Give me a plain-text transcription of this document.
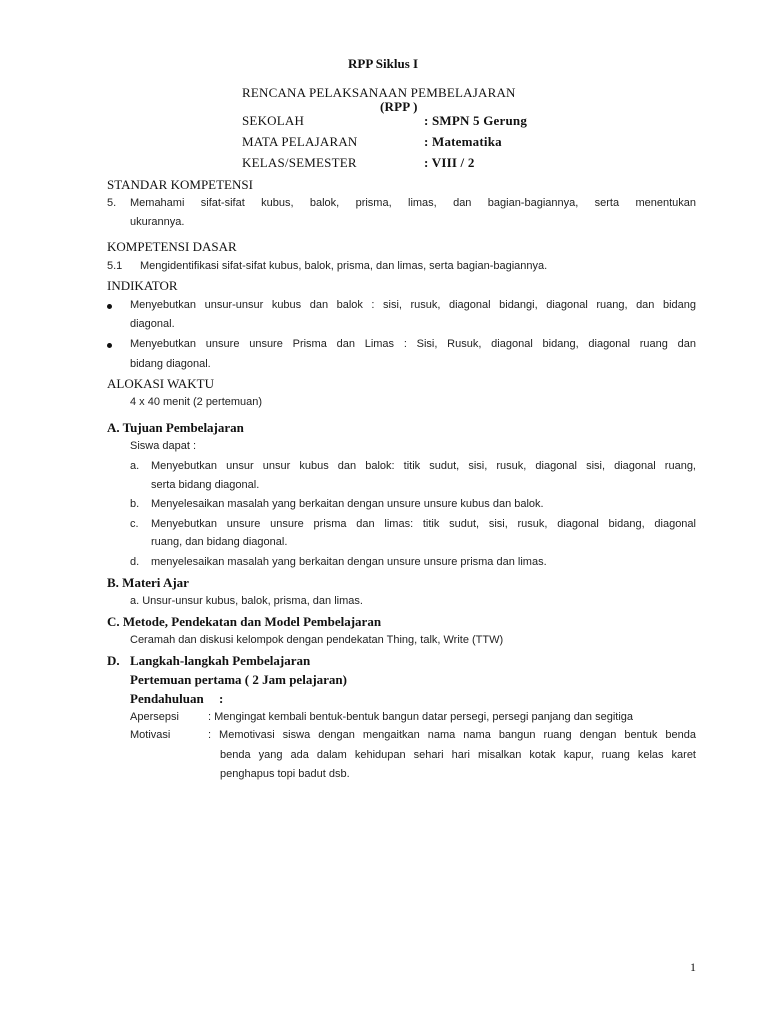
RPP Siklus I
RENCANA PELAKSANAAN PEMBELAJARAN
(RPP )
SEKOLAH	: SMPN 5 Gerung
MATA PELAJARAN	: Matematika
KELAS/SEMESTER	: VIII / 2
STANDAR KOMPETENSI
5. Memahami sifat-sifat kubus, balok, prisma, limas, dan bagian-bagiannya, serta menentukan
ukurannya.
KOMPETENSI DASAR
5.1 Mengidentifikasi sifat-sifat kubus, balok, prisma, dan limas, serta bagian-bagiannya.
INDIKATOR
Menyebutkan unsur-unsur kubus dan balok : sisi, rusuk, diagonal bidangi, diagonal ruang, dan bidang
diagonal.
Menyebutkan unsure unsure Prisma dan Limas : Sisi, Rusuk, diagonal bidang, diagonal ruang dan
bidang diagonal.
ALOKASI WAKTU
4 x 40 menit (2 pertemuan)
A. Tujuan Pembelajaran
Siswa dapat :
a. Menyebutkan unsur unsur kubus dan balok: titik sudut, sisi, rusuk, diagonal sisi, diagonal ruang,
serta bidang diagonal.
b. Menyelesaikan masalah yang berkaitan dengan unsure unsure kubus dan balok.
c. Menyebutkan unsure unsure prisma dan limas: titik sudut, sisi, rusuk, diagonal bidang, diagonal
ruang, dan bidang diagonal.
d. menyelesaikan masalah yang berkaitan dengan unsure unsure prisma dan limas.
B. Materi Ajar
a. Unsur-unsur kubus, balok, prisma, dan limas.
C. Metode, Pendekatan dan Model Pembelajaran
Ceramah dan diskusi kelompok dengan pendekatan Thing, talk, Write (TTW)
D. Langkah-langkah Pembelajaran
Pertemuan pertama ( 2 Jam pelajaran)
Pendahuluan :
Apersepsi	: Mengingat kembali bentuk-bentuk bangun datar persegi, persegi panjang dan segitiga
Motivasi	: Memotivasi siswa dengan mengaitkan nama nama bangun ruang dengan bentuk benda
benda yang ada dalam kehidupan sehari hari misalkan kotak kapur, ruang kelas karet
penghapus topi badut dsb.
1
